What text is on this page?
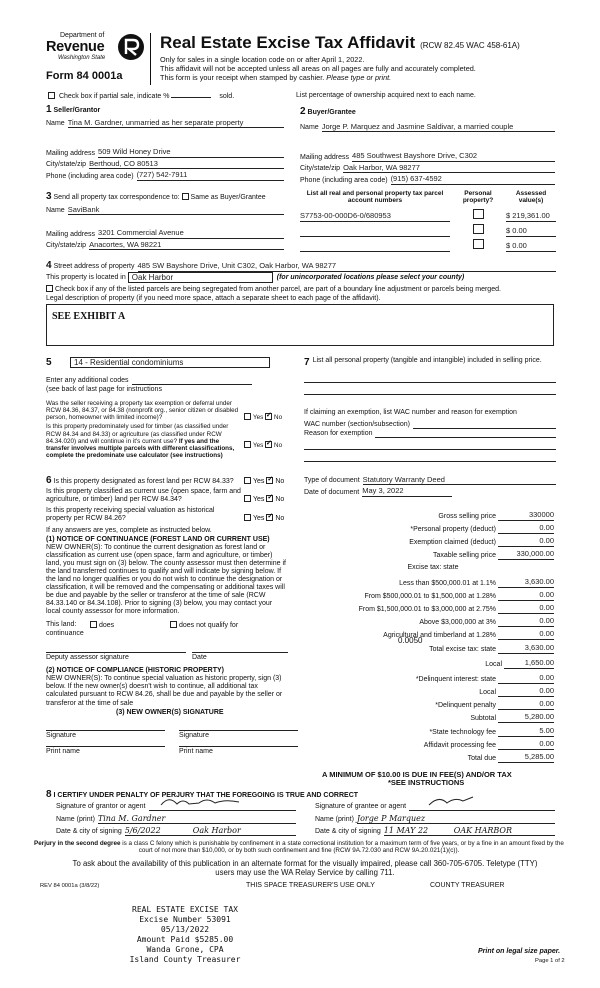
Department of
Revenue
Washington State
Form 84 0001a
Real Estate Excise Tax Affidavit (RCW 82.45 WAC 458-61A)
Only for sales in a single location code on or after April 1, 2022.
This affidavit will not be accepted unless all areas on all pages are fully and accurately completed.
This form is your receipt when stamped by cashier. Please type or print.
Check box if partial sale, indicate %	sold.	List percentage of ownership acquired next to each name.
1 Seller/Grantor
Name Tina M. Gardner, unmarried as her separate property
Mailing address 509 Wild Honey Drive
City/state/zip Berthoud, CO 80513
Phone (including area code) (727) 542-7911
2 Buyer/Grantee
Name Jorge P. Marquez and Jasmine Saldivar, a married couple
Mailing address 485 Southwest Bayshore Drive, C302
City/state/zip Oak Harbor, WA 98277
Phone (including area code) (915) 637-4592
3 Send all property tax correspondence to: Same as Buyer/Grantee
Name SaviBank
Mailing address 3201 Commercial Avenue
City/state/zip Anacortes, WA 98221
List all real and personal property tax parcel account numbers
Personal property?
Assessed value(s)
S7753-00-000D6-0/680953	$ 219,361.00
$ 0.00
$ 0.00
4 Street address of property 485 SW Bayshore Drive, Unit C302, Oak Harbor, WA 98277
This property is located in Oak Harbor	(for unincorporated locations please select your county)
Check box if any of the listed parcels are being segregated from another parcel, are part of a boundary line adjustment or parcels being merged.
Legal description of property (if you need more space, attach a separate sheet to each page of the affidavit).
SEE EXHIBIT A
5	14 - Residential condominiums
Enter any additional codes
(see back of last page for instructions
Was the seller receiving a property tax exemption or deferral under RCW 84.36, 84.37, or 84.38 (nonprofit org., senior citizen or disabled person, homeowner with limited income)?	Yes ✓ No
Is this property predominately used for timber (as classified under RCW 84.34 and 84.33) or agriculture (as classified under RCW 84.34.020) and will continue in it's current use? If yes and the transfer involves multiple parcels with different classifications, complete the predominate use calculator (see instructions)
Yes ✓ No
6 Is this property designated as forest land per RCW 84.33?	Yes ✓ No
Is this property classified as current use (open space, farm and agriculture, or timber) land per RCW 84.34?	Yes ✓ No
Is this property receiving special valuation as historical property per RCW 84.26?	Yes ✓ No
If any answers are yes, complete as instructed below.
(1) NOTICE OF CONTINUANCE (FOREST LAND OR CURRENT USE)
NEW OWNER(S): To continue the current designation as forest land or classification as current use (open space, farm and agriculture, or timber) land, you must sign on (3) below. The county assessor must then determine if the land transferred continues to qualify and will indicate by signing below. If the land no longer qualifies or you do not wish to continue the designation or classification, it will be removed and the compensating or additional taxes will be due and payable by the seller or transferor at the time of sale (RCW 84.33.140 or 84.34.108). Prior to signing (3) below, you may contact your local county assessor for more information.
This land:	does	does not qualify for
continuance
Deputy assessor signature	Date
(2) NOTICE OF COMPLIANCE (HISTORIC PROPERTY)
NEW OWNER(S): To continue special valuation as historic property, sign (3) below. If the new owner(s) doesn't wish to continue, all additional tax calculated pursuant to RCW 84.26, shall be due and payable by the seller or transferor at the time of sale
(3) NEW OWNER(S) SIGNATURE
Signature	Signature
Print name	Print name
7 List all personal property (tangible and intangible) included in selling price.
If claiming an exemption, list WAC number and reason for exemption
WAC number (section/subsection)
Reason for exemption
Type of document Statutory Warranty Deed
Date of document May 3, 2022
Gross selling price	330000
*Personal property (deduct)	0.00
Exemption claimed (deduct)	0.00
Taxable selling price	330,000.00
Excise tax: state
Less than $500,000.01 at 1.1%	3,630.00
From $500,000.01 to $1,500,000 at 1.28%	0.00
From $1,500,000.01 to $3,000,000 at 2.75%	0.00
Above $3,000,000 at 3%	0.00
Agricultural and timberland at 1.28%	0.00
Total excise tax: state	3,630.00
Local	1,650.00
*Delinquent interest: state	0.00
Local	0.00
*Delinquent penalty	0.00
Subtotal	5,280.00
*State technology fee	5.00
Affidavit processing fee	0.00
Total due	5,285.00
0.0050
A MINIMUM OF $10.00 IS DUE IN FEE(S) AND/OR TAX
*SEE INSTRUCTIONS
8 I CERTIFY UNDER PENALTY OF PERJURY THAT THE FOREGOING IS TRUE AND CORRECT
Signature of grantor or agent
Name (print) Tina M. Gardner
Date & city of signing 5/6/2022	Oak Harbor
Signature of grantee or agent
Name (print) Jorge P Marquez
Date & city of signing 11 MAY 22	OAK HARBOR
Perjury in the second degree is a class C felony which is punishable by confinement in a state correctional institution for a maximum term of five years, or by a fine in an amount fixed by the court of not more than $10,000, or by both such confinement and fine (RCW 9A.72.030 and RCW 9A.20.021(1)(c)).
To ask about the availability of this publication in an alternate format for the visually impaired, please call 360-705-6705. Teletype (TTY) users may use the WA Relay Service by calling 711.
REV 84 0001a (3/8/22)	THIS SPACE TREASURER'S USE ONLY	COUNTY TREASURER
REAL ESTATE EXCISE TAX
Excise Number 53091
05/13/2022
Amount Paid $5285.00
Wanda Grone, CPA
Island County Treasurer
Print on legal size paper.
Page 1 of 2
